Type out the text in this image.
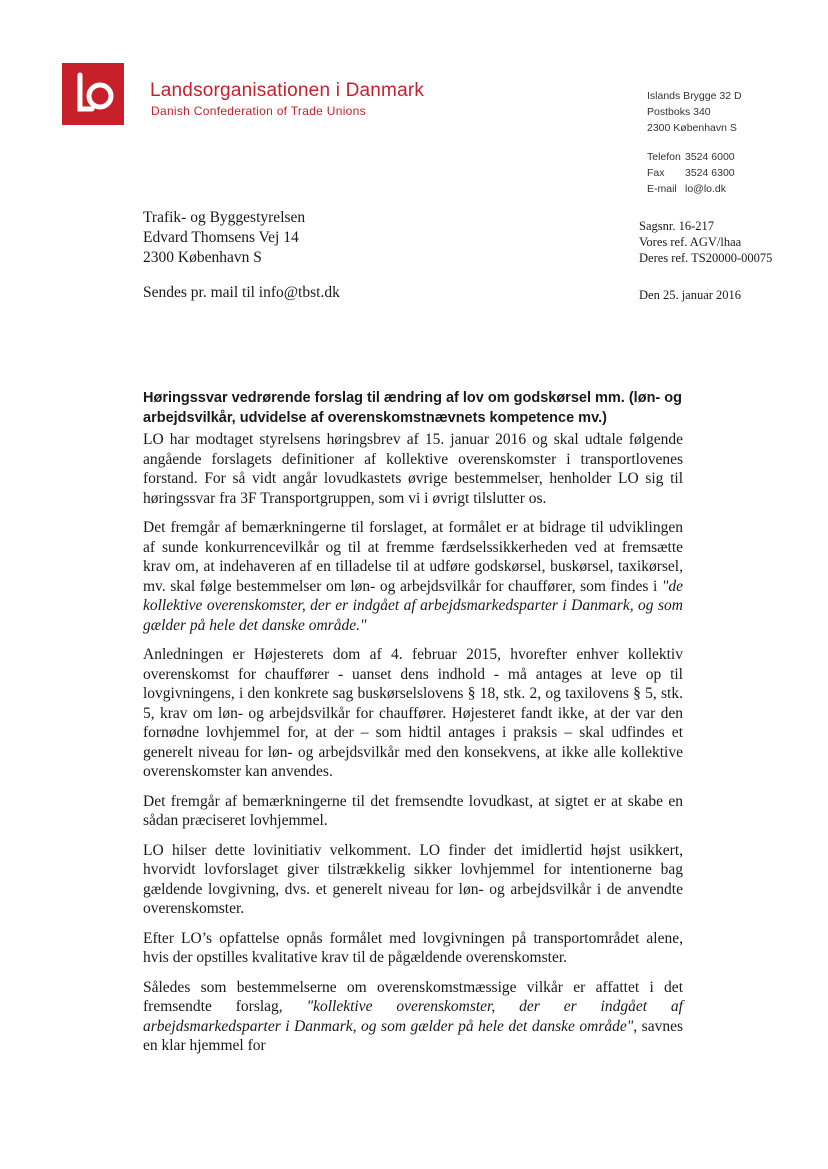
Landsorganisationen i Danmark
Danish Confederation of Trade Unions
Islands Brygge 32 D
Postboks 340
2300 København S
Telefon 3524 6000
Fax 3524 6300
E-mail lo@lo.dk
Trafik- og Byggestyrelsen
Edvard Thomsens Vej 14
2300 København S
Sendes pr. mail til info@tbst.dk
Sagsnr. 16-217
Vores ref. AGV/lhaa
Deres ref. TS20000-00075
Den 25. januar 2016
Høringssvar vedrørende forslag til ændring af lov om godskørsel mm. (løn- og arbejdsvilkår, udvidelse af overenskomstnævnets kompetence mv.)

LO har modtaget styrelsens høringsbrev af 15. januar 2016 og skal udtale følgende angående forslagets definitioner af kollektive overenskomster i transportlovenes forstand. For så vidt angår lovudkastets øvrige bestemmelser, henholder LO sig til høringssvar fra 3F Transportgruppen, som vi i øvrigt tilslutter os.

Det fremgår af bemærkningerne til forslaget, at formålet er at bidrage til udviklingen af sunde konkurrencevilkår og til at fremme færdselssikkerheden ved at fremsætte krav om, at indehaveren af en tilladelse til at udføre godskørsel, buskørsel, taxikørsel, mv. skal følge bestemmelser om løn- og arbejdsvilkår for chauffører, som findes i "de kollektive overenskomster, der er indgået af arbejdsmarkedsparter i Danmark, og som gælder på hele det danske område."

Anledningen er Højesterets dom af 4. februar 2015, hvorefter enhver kollektiv overenskomst for chauffører - uanset dens indhold - må antages at leve op til lovgivningens, i den konkrete sag buskørselslovens § 18, stk. 2, og taxilovens § 5, stk. 5, krav om løn- og arbejdsvilkår for chauffører. Højesteret fandt ikke, at der var den fornødne lovhjemmel for, at der – som hidtil antages i praksis – skal udfindes et generelt niveau for løn- og arbejdsvilkår med den konsekvens, at ikke alle kollektive overenskomster kan anvendes.

Det fremgår af bemærkningerne til det fremsendte lovudkast, at sigtet er at skabe en sådan præciseret lovhjemmel.

LO hilser dette lovinitiativ velkomment. LO finder det imidlertid højst usikkert, hvorvidt lovforslaget giver tilstrækkelig sikker lovhjemmel for intentionerne bag gældende lovgivning, dvs. et generelt niveau for løn- og arbejdsvilkår i de anvendte overenskomster.

Efter LO’s opfattelse opnås formålet med lovgivningen på transportområdet alene, hvis der opstilles kvalitative krav til de pågældende overenskomster.

Således som bestemmelserne om overenskomstmæssige vilkår er affattet i det fremsendte forslag, "kollektive overenskomster, der er indgået af arbejdsmarkedsparter i Danmark, og som gælder på hele det danske område", savnes en klar hjemmel for
